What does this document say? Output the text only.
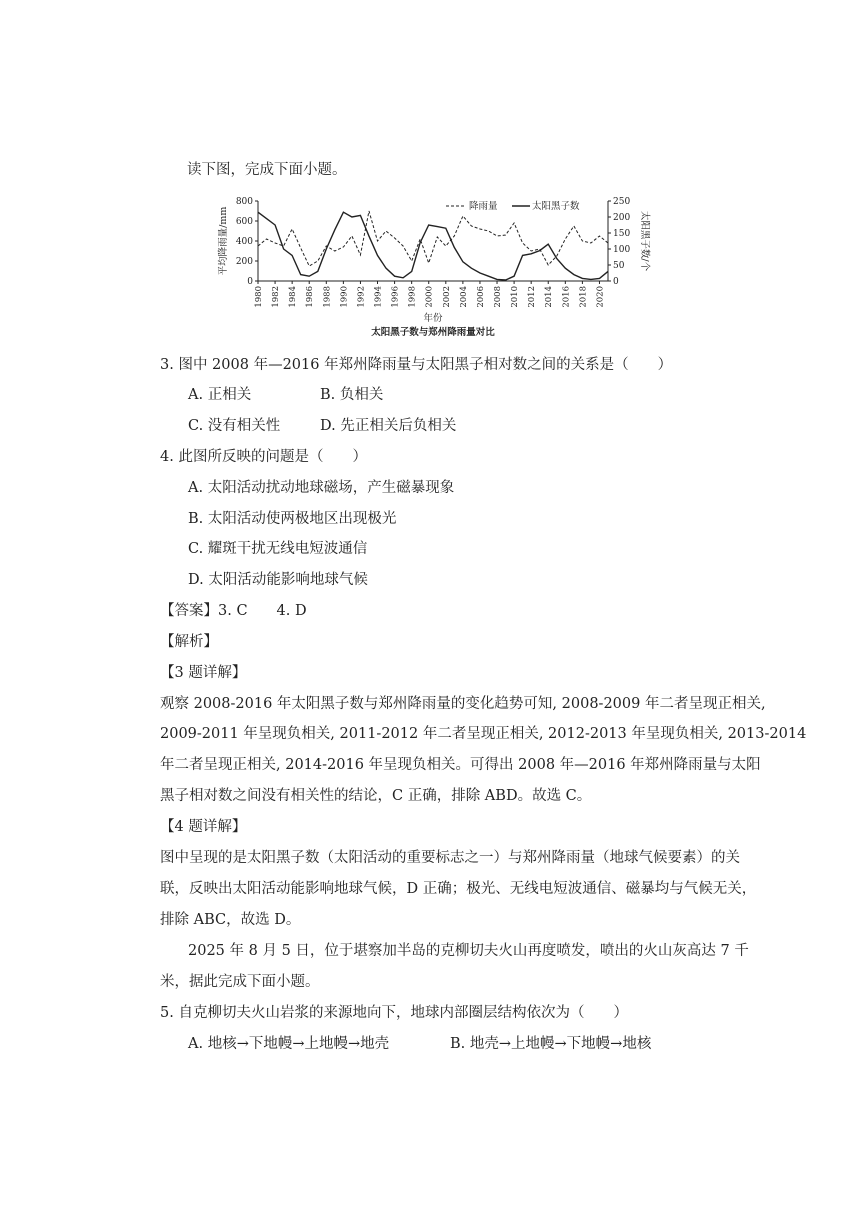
读下图，完成下面小题。
0
200
400
600
800
0
50
100
150
200
250
1980 1982 1984 1986 1988 1990 1992 1994 1996 1998 2000 2002 2004 2006 2008 2010 2012 2014 2016 2018 2020
平均降雨量/mm	太阳黑子数/个
年份
太阳黑子数与郑州降雨量对比
降雨量	太阳黑子数
3. 图中 2008 年—2016 年郑州降雨量与太阳黑子相对数之间的关系是（　　）
A. 正相关	B. 负相关
C. 没有相关性	D. 先正相关后负相关
4. 此图所反映的问题是（　　）
A. 太阳活动扰动地球磁场，产生磁暴现象
B. 太阳活动使两极地区出现极光
C. 耀斑干扰无线电短波通信
D. 太阳活动能影响地球气候
【答案】3. C　　4. D
【解析】
【3 题详解】
观察 2008-2016 年太阳黑子数与郑州降雨量的变化趋势可知, 2008-2009 年二者呈现正相关,
2009-2011 年呈现负相关, 2011-2012 年二者呈现正相关, 2012-2013 年呈现负相关, 2013-2014
年二者呈现正相关, 2014-2016 年呈现负相关。可得出 2008 年—2016 年郑州降雨量与太阳
黑子相对数之间没有相关性的结论，C 正确，排除 ABD。故选 C。
【4 题详解】
图中呈现的是太阳黑子数（太阳活动的重要标志之一）与郑州降雨量（地球气候要素）的关
联，反映出太阳活动能影响地球气候，D 正确；极光、无线电短波通信、磁暴均与气候无关，
排除 ABC，故选 D。
2025 年 8 月 5 日，位于堪察加半岛的克柳切夫火山再度喷发，喷出的火山灰高达 7 千
米，据此完成下面小题。
5. 自克柳切夫火山岩浆的来源地向下，地球内部圈层结构依次为（　　）
A. 地核→下地幔→上地幔→地壳	B. 地壳→上地幔→下地幔→地核
